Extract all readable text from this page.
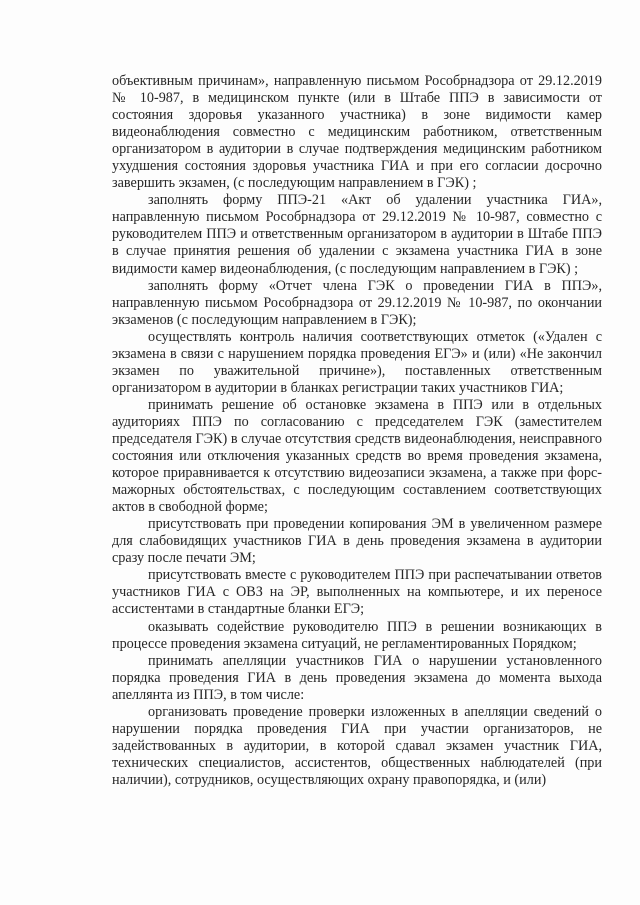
объективным причинам», направленную письмом Рособрнадзора от 29.12.2019 № 10-987, в медицинском пункте (или в Штабе ППЭ в зависимости от состояния здоровья указанного участника) в зоне видимости камер видеонаблюдения совместно с медицинским работником, ответственным организатором в аудитории в случае подтверждения медицинским работником ухудшения состояния здоровья участника ГИА и при его согласии досрочно завершить экзамен, (с последующим направлением в ГЭК) ;

заполнять форму ППЭ-21 «Акт об удалении участника ГИА», направленную письмом Рособрнадзора от 29.12.2019 № 10-987, совместно с руководителем ППЭ и ответственным организатором в аудитории в Штабе ППЭ в случае принятия решения об удалении с экзамена участника ГИА в зоне видимости камер видеонаблюдения, (с последующим направлением в ГЭК) ;

заполнять форму «Отчет члена ГЭК о проведении ГИА в ППЭ», направленную письмом Рособрнадзора от 29.12.2019 № 10-987, по окончании экзаменов (с последующим направлением в ГЭК);

осуществлять контроль наличия соответствующих отметок («Удален с экзамена в связи с нарушением порядка проведения ЕГЭ» и (или) «Не закончил экзамен по уважительной причине»), поставленных ответственным организатором в аудитории в бланках регистрации таких участников ГИА;

принимать решение об остановке экзамена в ППЭ или в отдельных аудиториях ППЭ по согласованию с председателем ГЭК (заместителем председателя ГЭК) в случае отсутствия средств видеонаблюдения, неисправного состояния или отключения указанных средств во время проведения экзамена, которое приравнивается к отсутствию видеозаписи экзамена, а также при форс-мажорных обстоятельствах, с последующим составлением соответствующих актов в свободной форме;

присутствовать при проведении копирования ЭМ в увеличенном размере для слабовидящих участников ГИА в день проведения экзамена в аудитории сразу после печати ЭМ;

присутствовать вместе с руководителем ППЭ при распечатывании ответов участников ГИА с ОВЗ на ЭР, выполненных на компьютере, и их переносе ассистентами в стандартные бланки ЕГЭ;

оказывать содействие руководителю ППЭ в решении возникающих в процессе проведения экзамена ситуаций, не регламентированных Порядком;

принимать апелляции участников ГИА о нарушении установленного порядка проведения ГИА в день проведения экзамена до момента выхода апеллянта из ППЭ, в том числе:

организовать проведение проверки изложенных в апелляции сведений о нарушении порядка проведения ГИА при участии организаторов, не задействованных в аудитории, в которой сдавал экзамен участник ГИА, технических специалистов, ассистентов, общественных наблюдателей (при наличии), сотрудников, осуществляющих охрану правопорядка, и (или)
